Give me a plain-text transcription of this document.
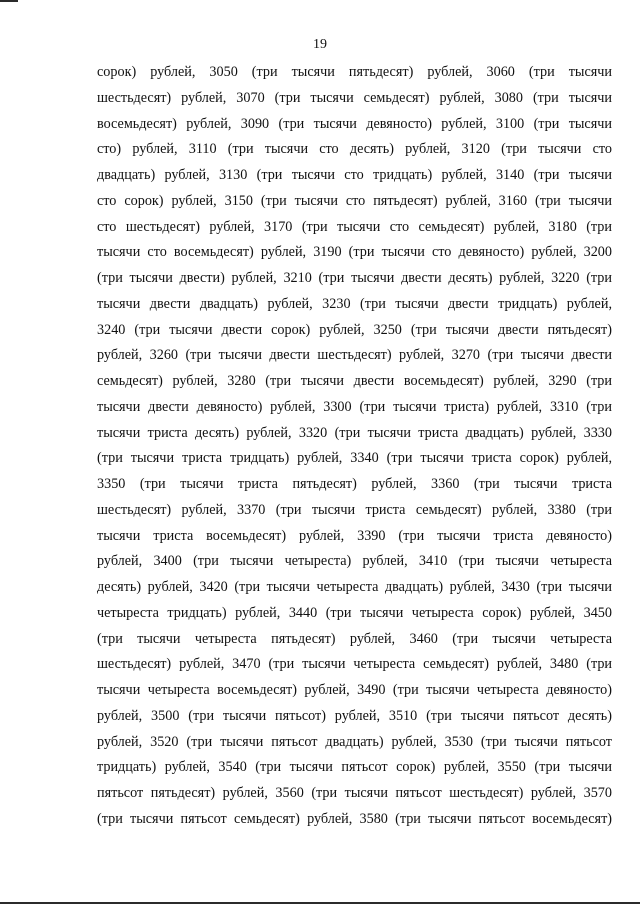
19
сорок) рублей, 3050 (три тысячи пятьдесят) рублей, 3060 (три тысячи
шестьдесят) рублей, 3070 (три тысячи семьдесят) рублей, 3080 (три тысячи
восемьдесят) рублей, 3090 (три тысячи девяносто) рублей, 3100 (три тысячи
сто) рублей, 3110 (три тысячи сто десять) рублей, 3120 (три тысячи сто
двадцать) рублей, 3130 (три тысячи сто тридцать) рублей, 3140 (три тысячи
сто сорок) рублей, 3150 (три тысячи сто пятьдесят) рублей, 3160 (три тысячи
сто шестьдесят) рублей, 3170 (три тысячи сто семьдесят) рублей, 3180 (три
тысячи сто восемьдесят) рублей, 3190 (три тысячи сто девяносто) рублей, 3200
(три тысячи двести) рублей, 3210 (три тысячи двести десять) рублей, 3220 (три
тысячи двести двадцать) рублей, 3230 (три тысячи двести тридцать) рублей,
3240 (три тысячи двести сорок) рублей, 3250 (три тысячи двести пятьдесят)
рублей, 3260 (три тысячи двести шестьдесят) рублей, 3270 (три тысячи двести
семьдесят) рублей, 3280 (три тысячи двести восемьдесят) рублей, 3290 (три
тысячи двести девяносто) рублей, 3300 (три тысячи триста) рублей, 3310 (три
тысячи триста десять) рублей, 3320 (три тысячи триста двадцать) рублей, 3330
(три тысячи триста тридцать) рублей, 3340 (три тысячи триста сорок) рублей,
3350 (три тысячи триста пятьдесят) рублей, 3360 (три тысячи триста
шестьдесят) рублей, 3370 (три тысячи триста семьдесят) рублей, 3380 (три
тысячи триста восемьдесят) рублей, 3390 (три тысячи триста девяносто)
рублей, 3400 (три тысячи четыреста) рублей, 3410 (три тысячи четыреста
десять) рублей, 3420 (три тысячи четыреста двадцать) рублей, 3430 (три тысячи
четыреста тридцать) рублей, 3440 (три тысячи четыреста сорок) рублей, 3450
(три тысячи четыреста пятьдесят) рублей, 3460 (три тысячи четыреста
шестьдесят) рублей, 3470 (три тысячи четыреста семьдесят) рублей, 3480 (три
тысячи четыреста восемьдесят) рублей, 3490 (три тысячи четыреста девяносто)
рублей, 3500 (три тысячи пятьсот) рублей, 3510 (три тысячи пятьсот десять)
рублей, 3520 (три тысячи пятьсот двадцать) рублей, 3530 (три тысячи пятьсот
тридцать) рублей, 3540 (три тысячи пятьсот сорок) рублей, 3550 (три тысячи
пятьсот пятьдесят) рублей, 3560 (три тысячи пятьсот шестьдесят) рублей, 3570
(три тысячи пятьсот семьдесят) рублей, 3580 (три тысячи пятьсот восемьдесят)
